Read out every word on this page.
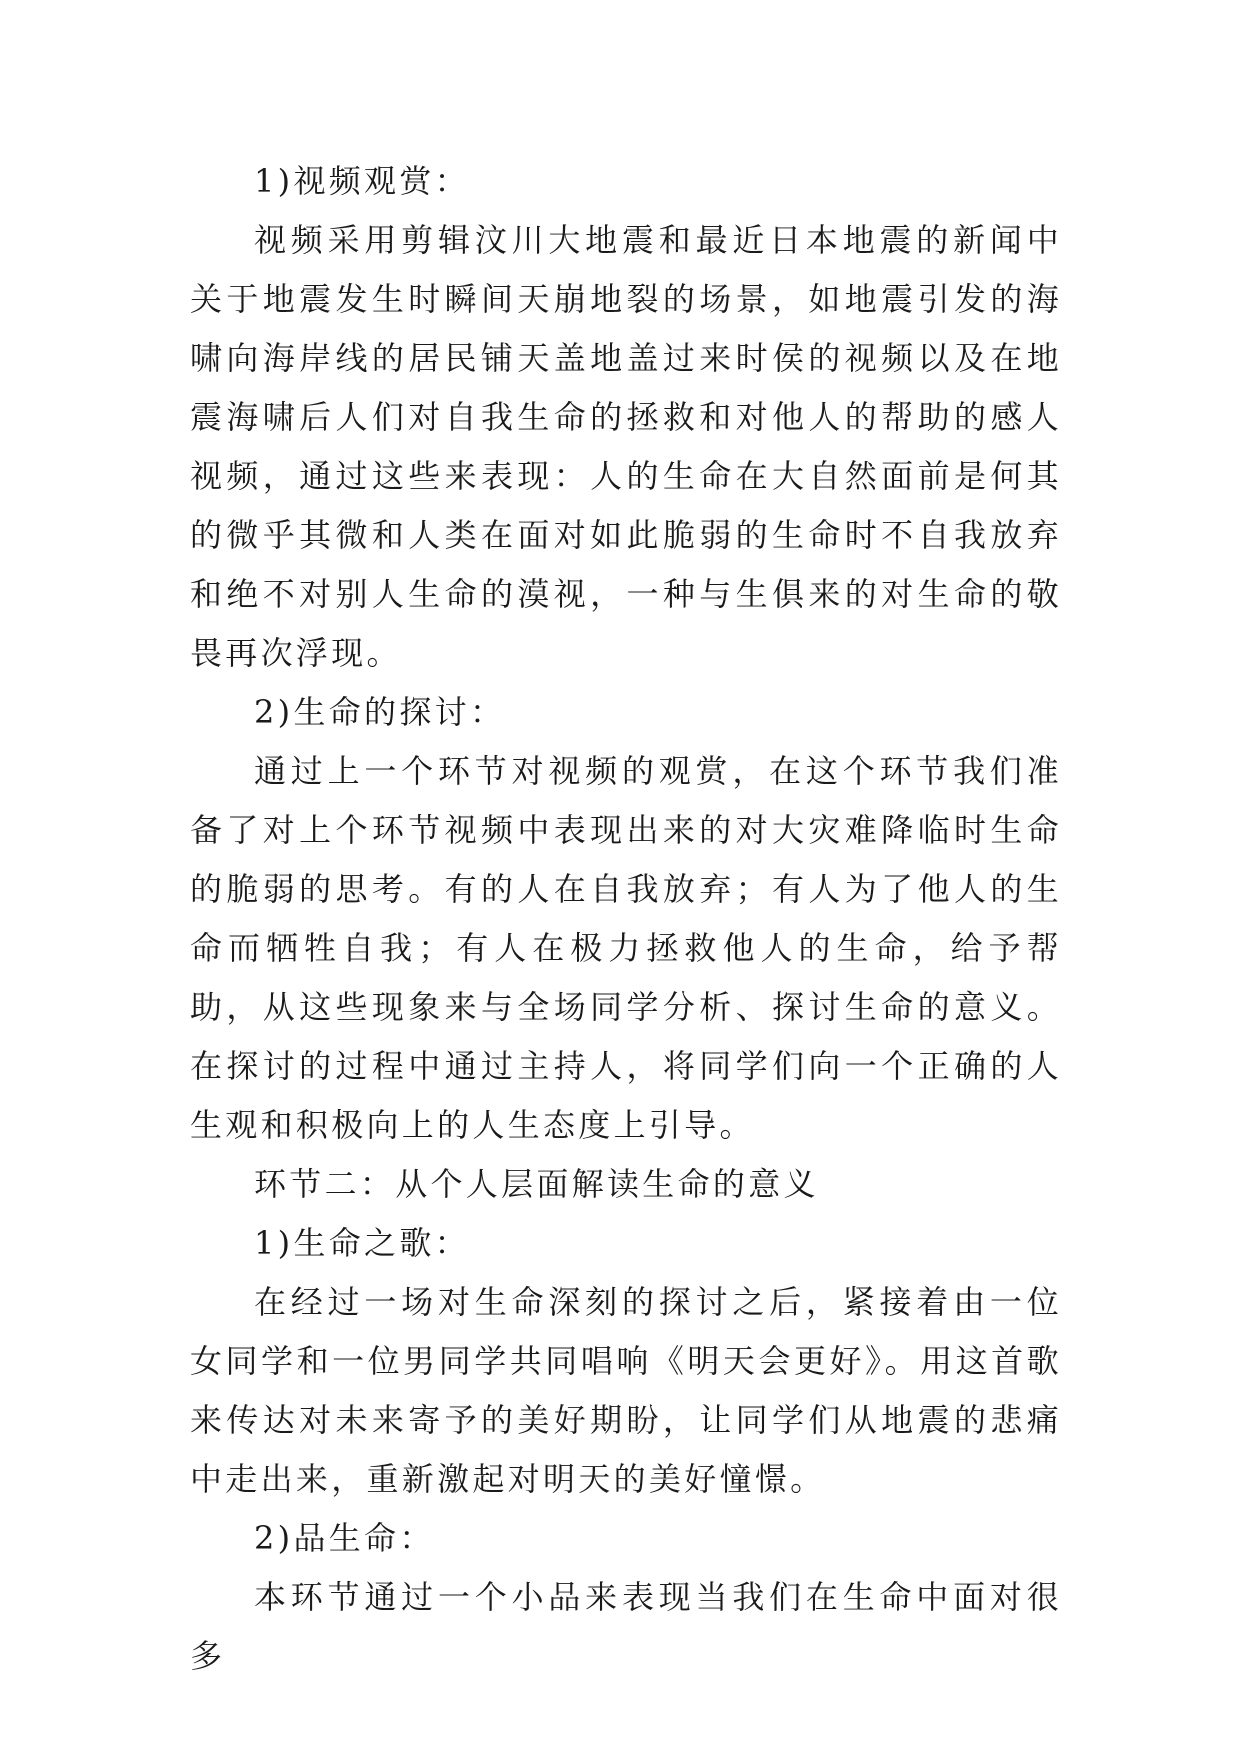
1)视频观赏：

视频采用剪辑汶川大地震和最近日本地震的新闻中关于地震发生时瞬间天崩地裂的场景，如地震引发的海啸向海岸线的居民铺天盖地盖过来时侯的视频以及在地震海啸后人们对自我生命的拯救和对他人的帮助的感人视频，通过这些来表现：人的生命在大自然面前是何其的微乎其微和人类在面对如此脆弱的生命时不自我放弃和绝不对别人生命的漠视，一种与生俱来的对生命的敬畏再次浮现。

2)生命的探讨：

通过上一个环节对视频的观赏，在这个环节我们准备了对上个环节视频中表现出来的对大灾难降临时生命的脆弱的思考。有的人在自我放弃；有人为了他人的生命而牺牲自我；有人在极力拯救他人的生命，给予帮助，从这些现象来与全场同学分析、探讨生命的意义。在探讨的过程中通过主持人，将同学们向一个正确的人生观和积极向上的人生态度上引导。

环节二：从个人层面解读生命的意义

1)生命之歌：

在经过一场对生命深刻的探讨之后，紧接着由一位女同学和一位男同学共同唱响《明天会更好》。用这首歌来传达对未来寄予的美好期盼，让同学们从地震的悲痛中走出来，重新激起对明天的美好憧憬。

2)品生命：

本环节通过一个小品来表现当我们在生命中面对很多
